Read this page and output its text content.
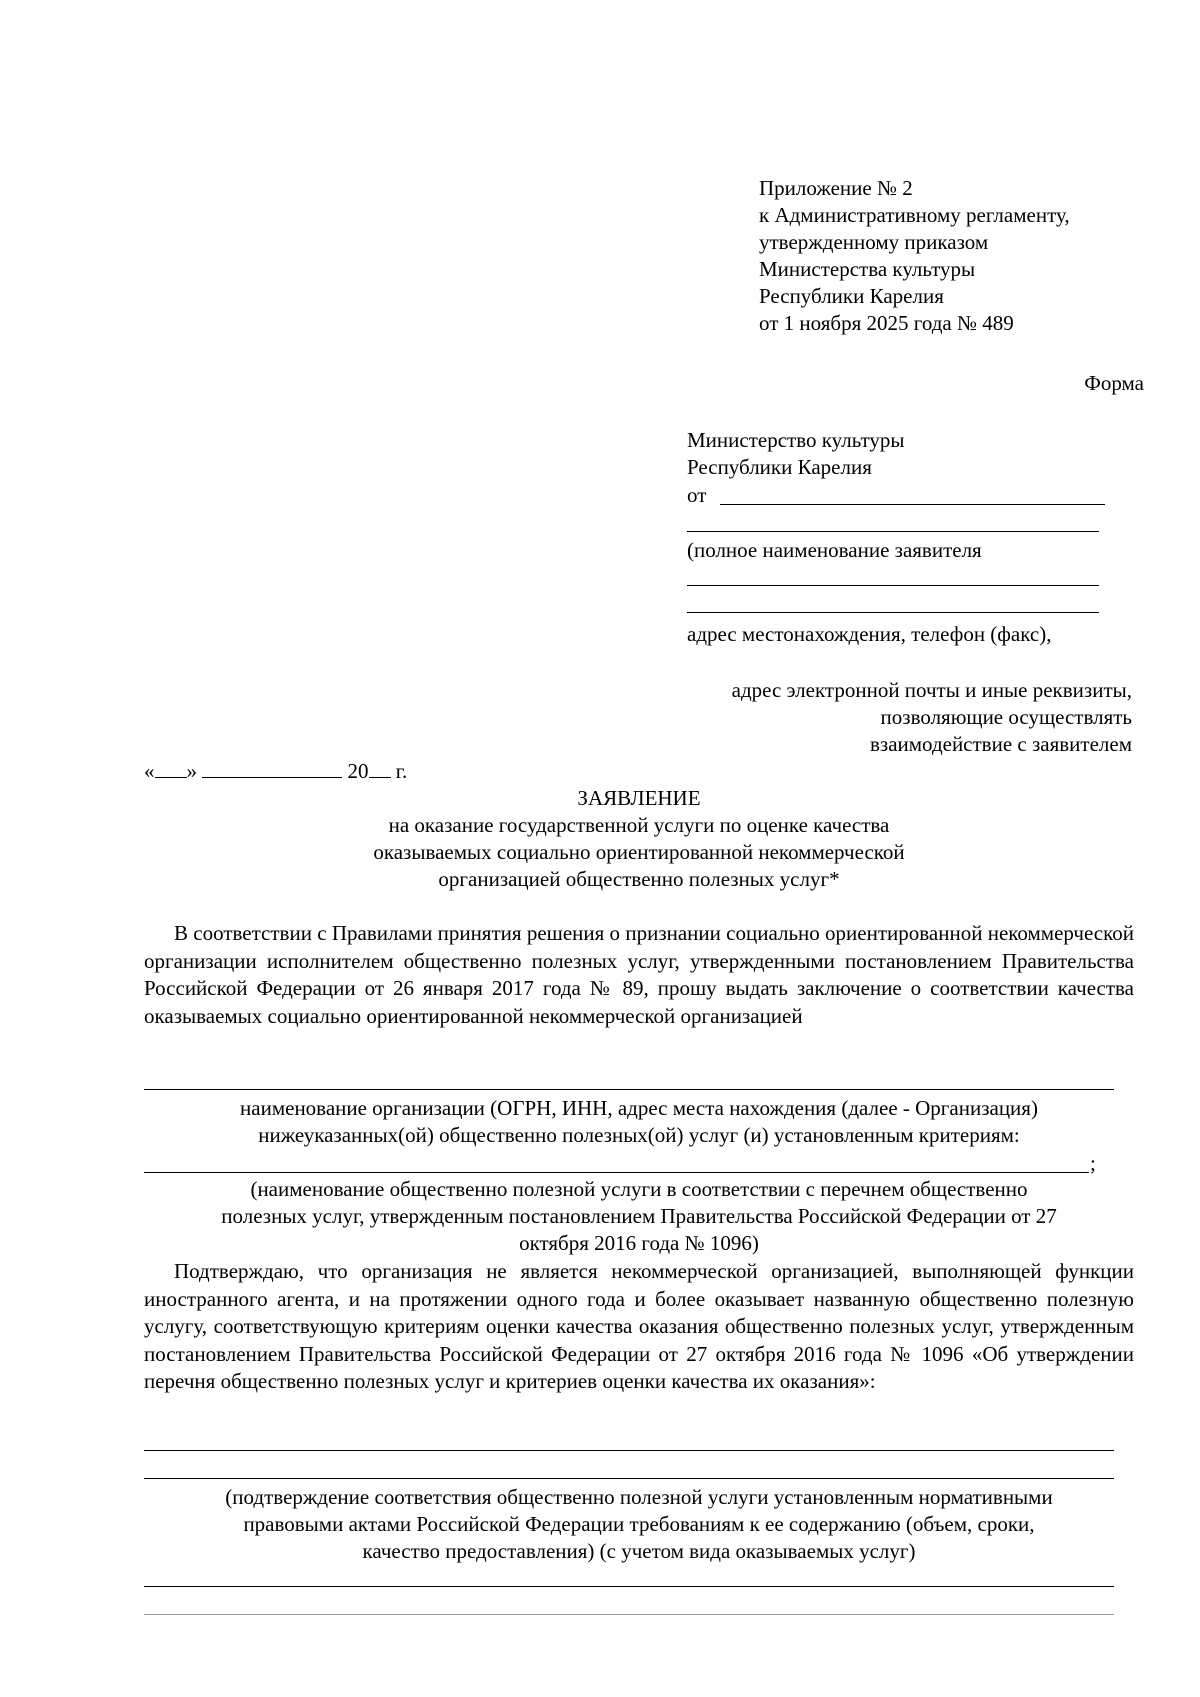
Приложение № 2
к Административному регламенту,
утвержденному приказом
Министерства культуры
Республики Карелия
от 1 ноября 2025 года № 489
Форма
Министерство культуры
Республики Карелия
от
(полное наименование заявителя
адрес местонахождения, телефон (факс),
адрес электронной почты и иные реквизиты,
позволяющие осуществлять
взаимодействие с заявителем
« »	20 г.
ЗАЯВЛЕНИЕ
на оказание государственной услуги по оценке качества
оказываемых социально ориентированной некоммерческой
организацией общественно полезных услуг*
В соответствии с Правилами принятия решения о признании социально ориентированной некоммерческой организации исполнителем общественно полезных услуг, утвержденными постановлением Правительства Российской Федерации от 26 января 2017 года № 89, прошу выдать заключение о соответствии качества оказываемых социально ориентированной некоммерческой организацией
наименование организации (ОГРН, ИНН, адрес места нахождения (далее - Организация)
нижеуказанных(ой) общественно полезных(ой) услуг (и) установленным критериям:
;
(наименование общественно полезной услуги в соответствии с перечнем общественно
полезных услуг, утвержденным постановлением Правительства Российской Федерации от 27
октября 2016 года № 1096)
Подтверждаю, что организация не является некоммерческой организацией, выполняющей функции иностранного агента, и на протяжении одного года и более оказывает названную общественно полезную услугу, соответствующую критериям оценки качества оказания общественно полезных услуг, утвержденным постановлением Правительства Российской Федерации от 27 октября 2016 года № 1096 «Об утверждении перечня общественно полезных услуг и критериев оценки качества их оказания»:
(подтверждение соответствия общественно полезной услуги установленным нормативными
правовыми актами Российской Федерации требованиям к ее содержанию (объем, сроки,
качество предоставления) (с учетом вида оказываемых услуг)
